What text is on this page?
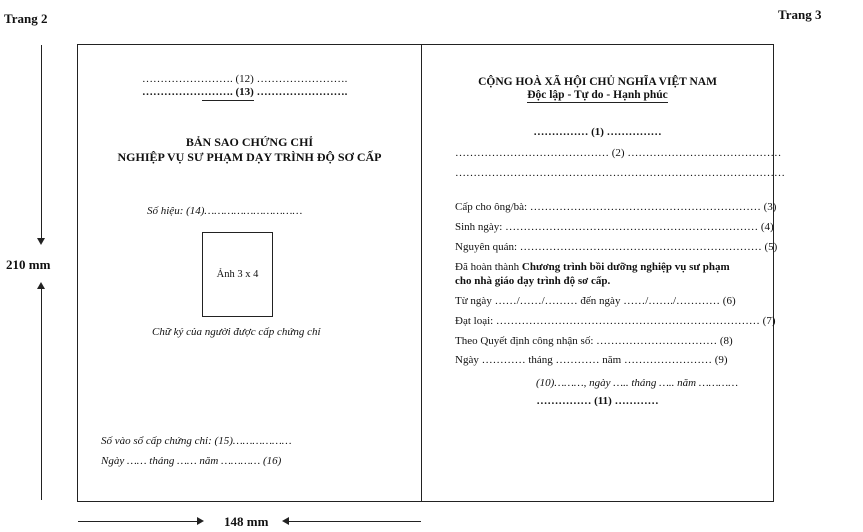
Trang 2	Trang 3
210 mm
148 mm
……………………. (12) …………………….
……………………. (13) …………………….
BẢN SAO CHỨNG CHỈ
NGHIỆP VỤ SƯ PHẠM DẠY TRÌNH ĐỘ SƠ CẤP
Số hiệu: (14)…………………………
Ảnh 3 x 4
Chữ ký của người được cấp chứng chỉ
Số vào sổ cấp chứng chỉ: (15)………………
Ngày …… tháng …… năm ………… (16)
CỘNG HOÀ XÃ HỘI CHỦ NGHĨA VIỆT NAM
Độc lập - Tự do - Hạnh phúc
…………… (1) ……………
…………………………………… (2) ……………………………………
………………………………………………………………………………
Cấp cho ông/bà: ……………………………………………………… (3)
Sinh ngày: …………………………………………………………… (4)
Nguyên quán: ………………………………………………………… (5)
Đã hoàn thành Chương trình bồi dưỡng nghiệp vụ sư phạm
cho nhà giáo dạy trình độ sơ cấp.
Từ ngày ……/……/……… đến ngày ……/……./………… (6)
Đạt loại: ……………………………………………………………… (7)
Theo Quyết định công nhận số: …………………………… (8)
Ngày ………… tháng ………… năm …………………… (9)
(10)………, ngày ….. tháng ….. năm …………
…………… (11) …………
